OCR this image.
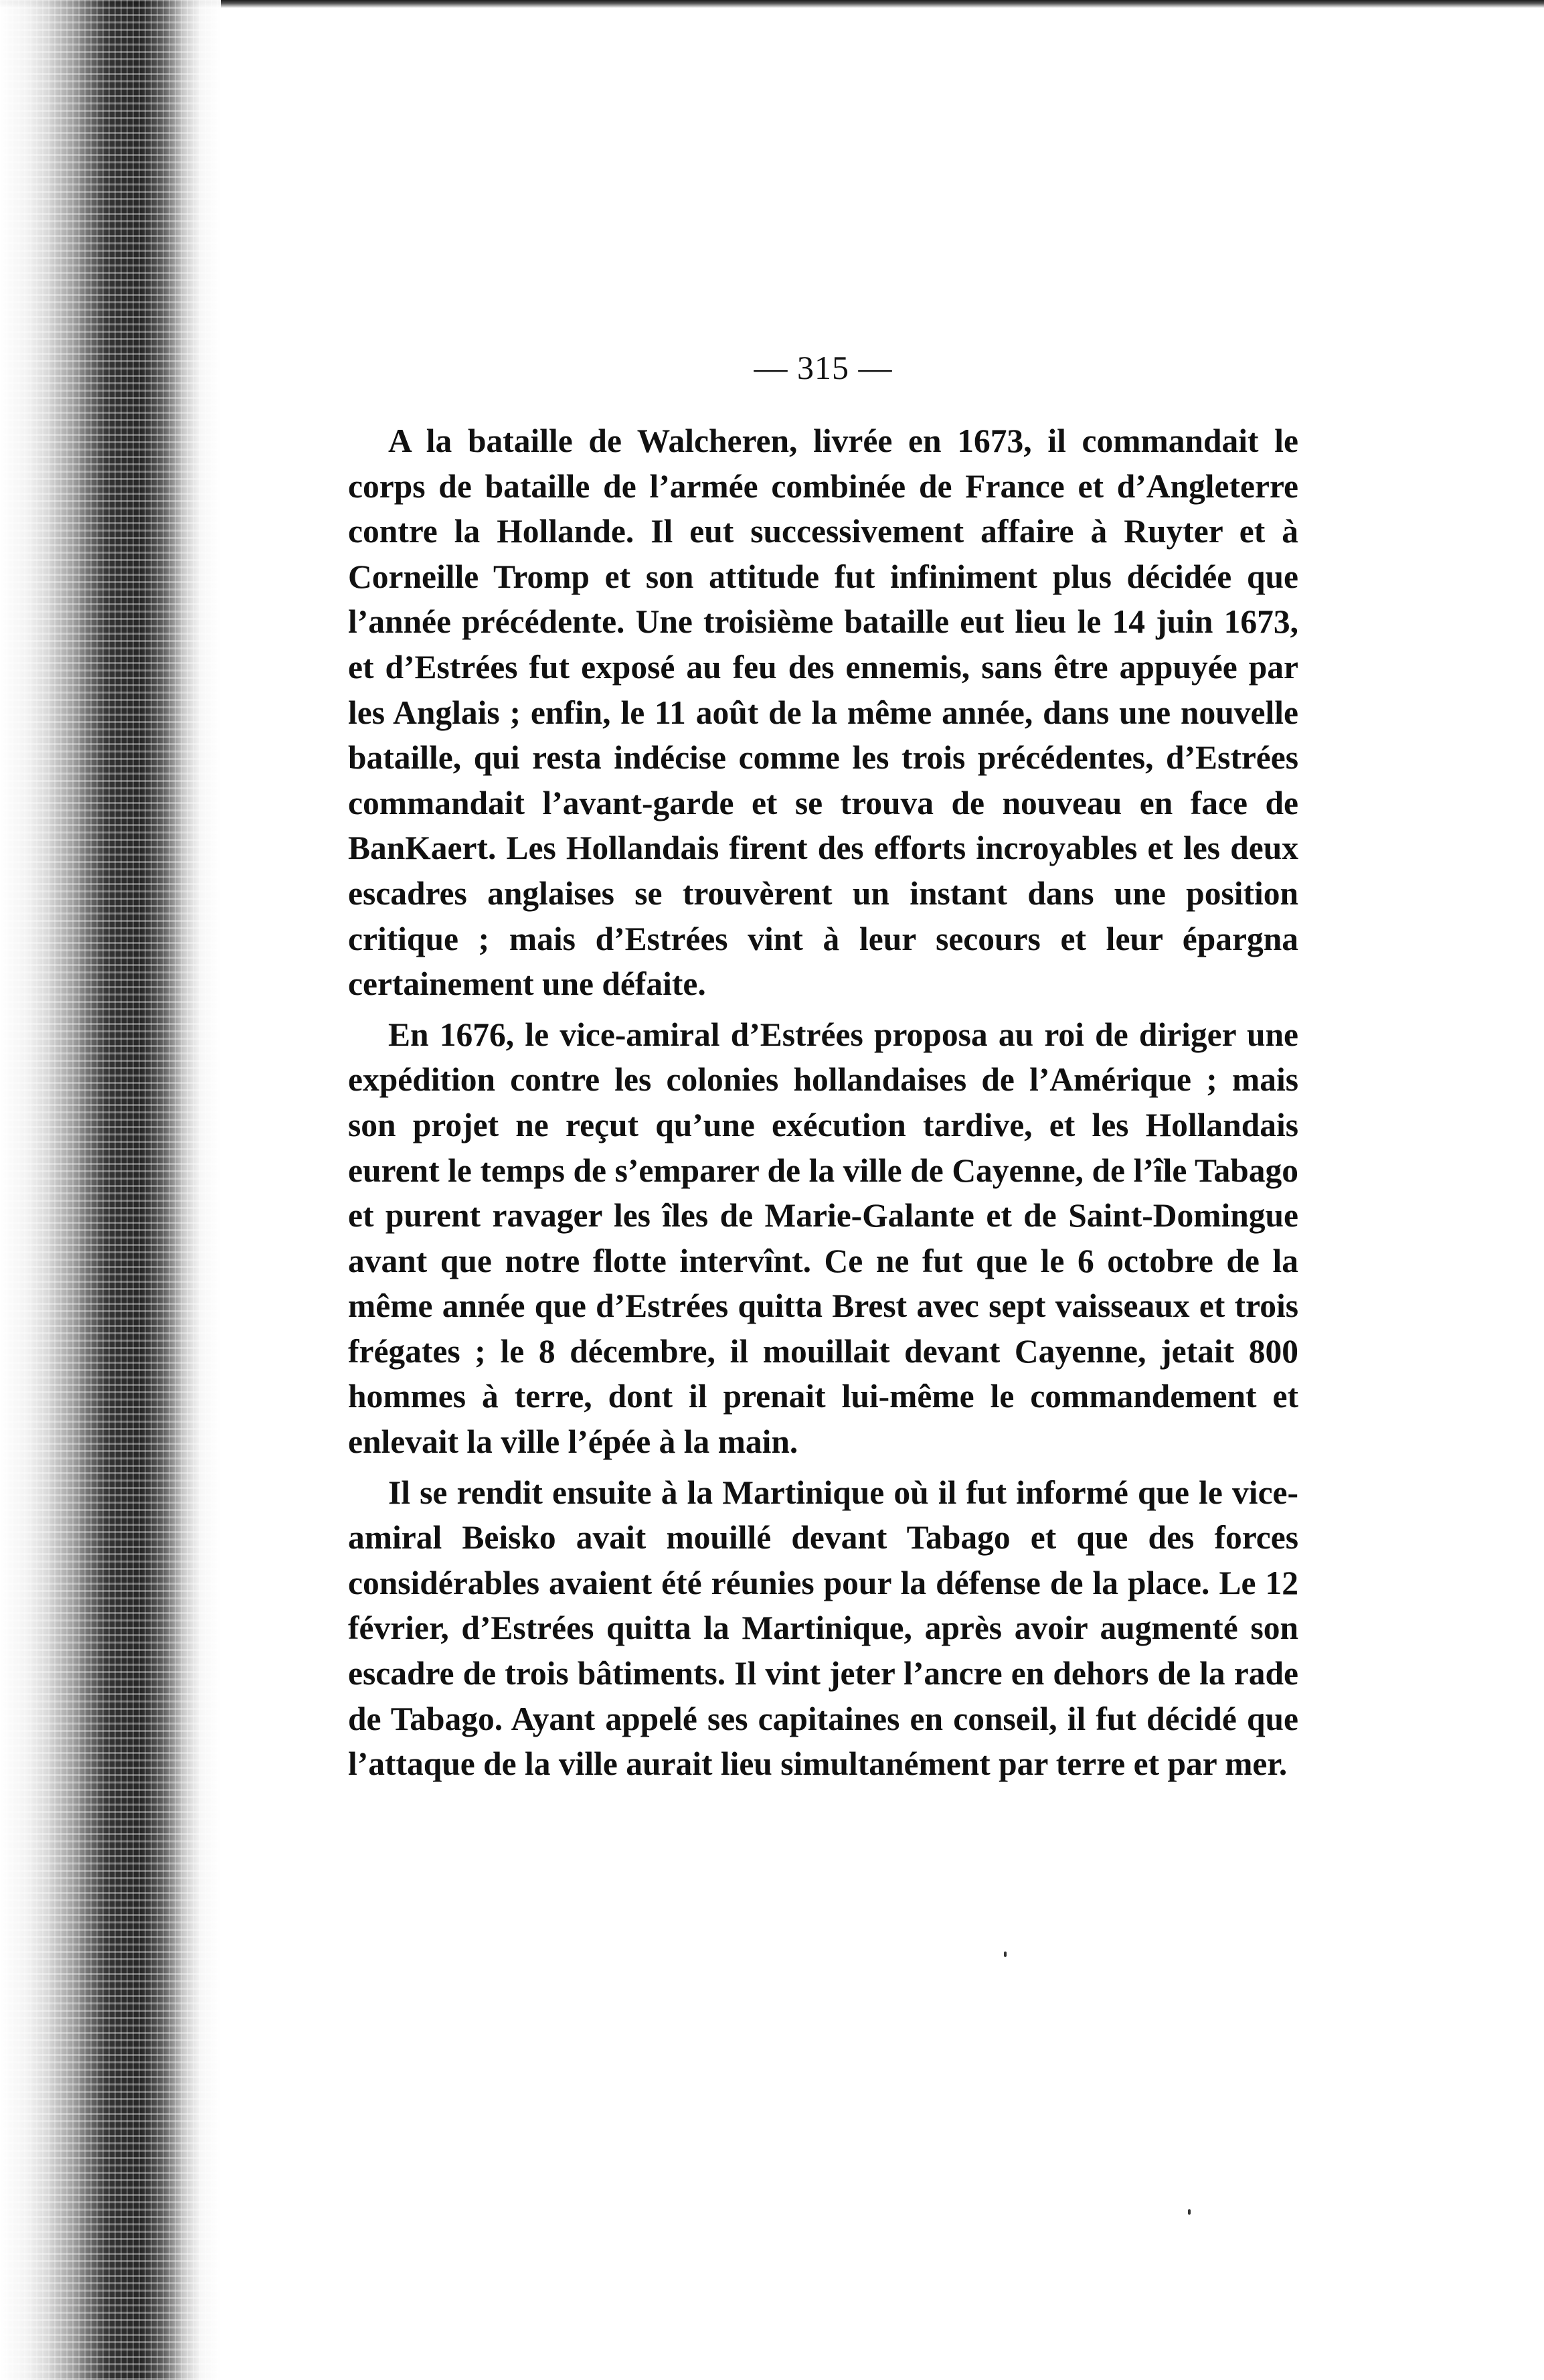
— 315 —

A la bataille de Walcheren, livrée en 1673, il commandait le corps de bataille de l’armée combinée de France et d’Angleterre contre la Hollande. Il eut successivement affaire à Ruyter et à Corneille Tromp et son attitude fut infiniment plus décidée que l’année précédente. Une troisième bataille eut lieu le 14 juin 1673, et d’Estrées fut exposé au feu des ennemis, sans être appuyée par les Anglais ; enfin, le 11 août de la même année, dans une nouvelle bataille, qui resta indécise comme les trois précédentes, d’Estrées commandait l’avant-garde et se trouva de nouveau en face de BanKaert. Les Hollandais firent des efforts incroyables et les deux escadres anglaises se trouvèrent un instant dans une position critique ; mais d’Estrées vint à leur secours et leur épargna certainement une défaite.

En 1676, le vice-amiral d’Estrées proposa au roi de diriger une expédition contre les colonies hollandaises de l’Amérique ; mais son projet ne reçut qu’une exécution tardive, et les Hollandais eurent le temps de s’emparer de la ville de Cayenne, de l’île Tabago et purent ravager les îles de Marie-Galante et de Saint-Domingue avant que notre flotte intervînt. Ce ne fut que le 6 octobre de la même année que d’Estrées quitta Brest avec sept vaisseaux et trois frégates ; le 8 décembre, il mouillait devant Cayenne, jetait 800 hommes à terre, dont il prenait lui-même le commandement et enlevait la ville l’épée à la main.

Il se rendit ensuite à la Martinique où il fut informé que le vice-amiral Beisko avait mouillé devant Tabago et que des forces considérables avaient été réunies pour la défense de la place. Le 12 février, d’Estrées quitta la Martinique, après avoir augmenté son escadre de trois bâtiments. Il vint jeter l’ancre en dehors de la rade de Tabago. Ayant appelé ses capitaines en conseil, il fut décidé que l’attaque de la ville aurait lieu simultanément par terre et par mer.
